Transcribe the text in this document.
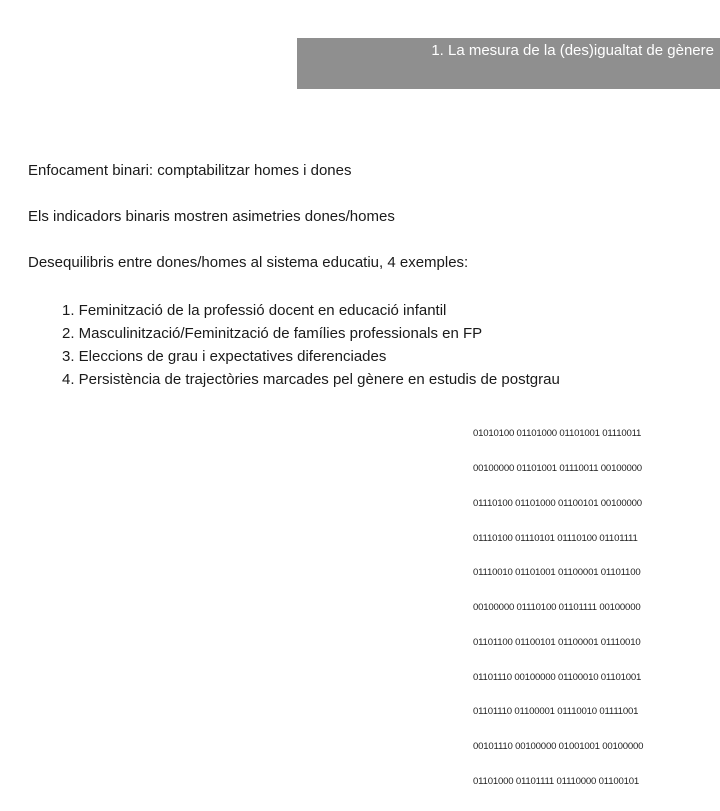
1. La mesura de la (des)igualtat de gènere

Enfocament binari: comptabilitzar homes i dones

Els indicadors binaris mostren asimetries dones/homes

Desequilibris entre dones/homes al sistema educatiu, 4 exemples:

1. Feminització de la professió docent en educació infantil
2. Masculinització/Feminització de famílies professionals en FP
3. Eleccions de grau i expectatives diferenciades
4. Persistència de trajectòries marcades pel gènere en estudis de postgrau

01010100 01101000 01101001 01110011

00100000 01101001 01110011 00100000

01110100 01101000 01100101 00100000

01110100 01110101 01110100 01101111

01110010 01101001 01100001 01101100

00100000 01110100 01101111 00100000

01101100 01100101 01100001 01110010

01101110 00100000 01100010 01101001

01101110 01100001 01110010 01111001

00101110 00100000 01001001 00100000

01101000 01101111 01110000 01100101
